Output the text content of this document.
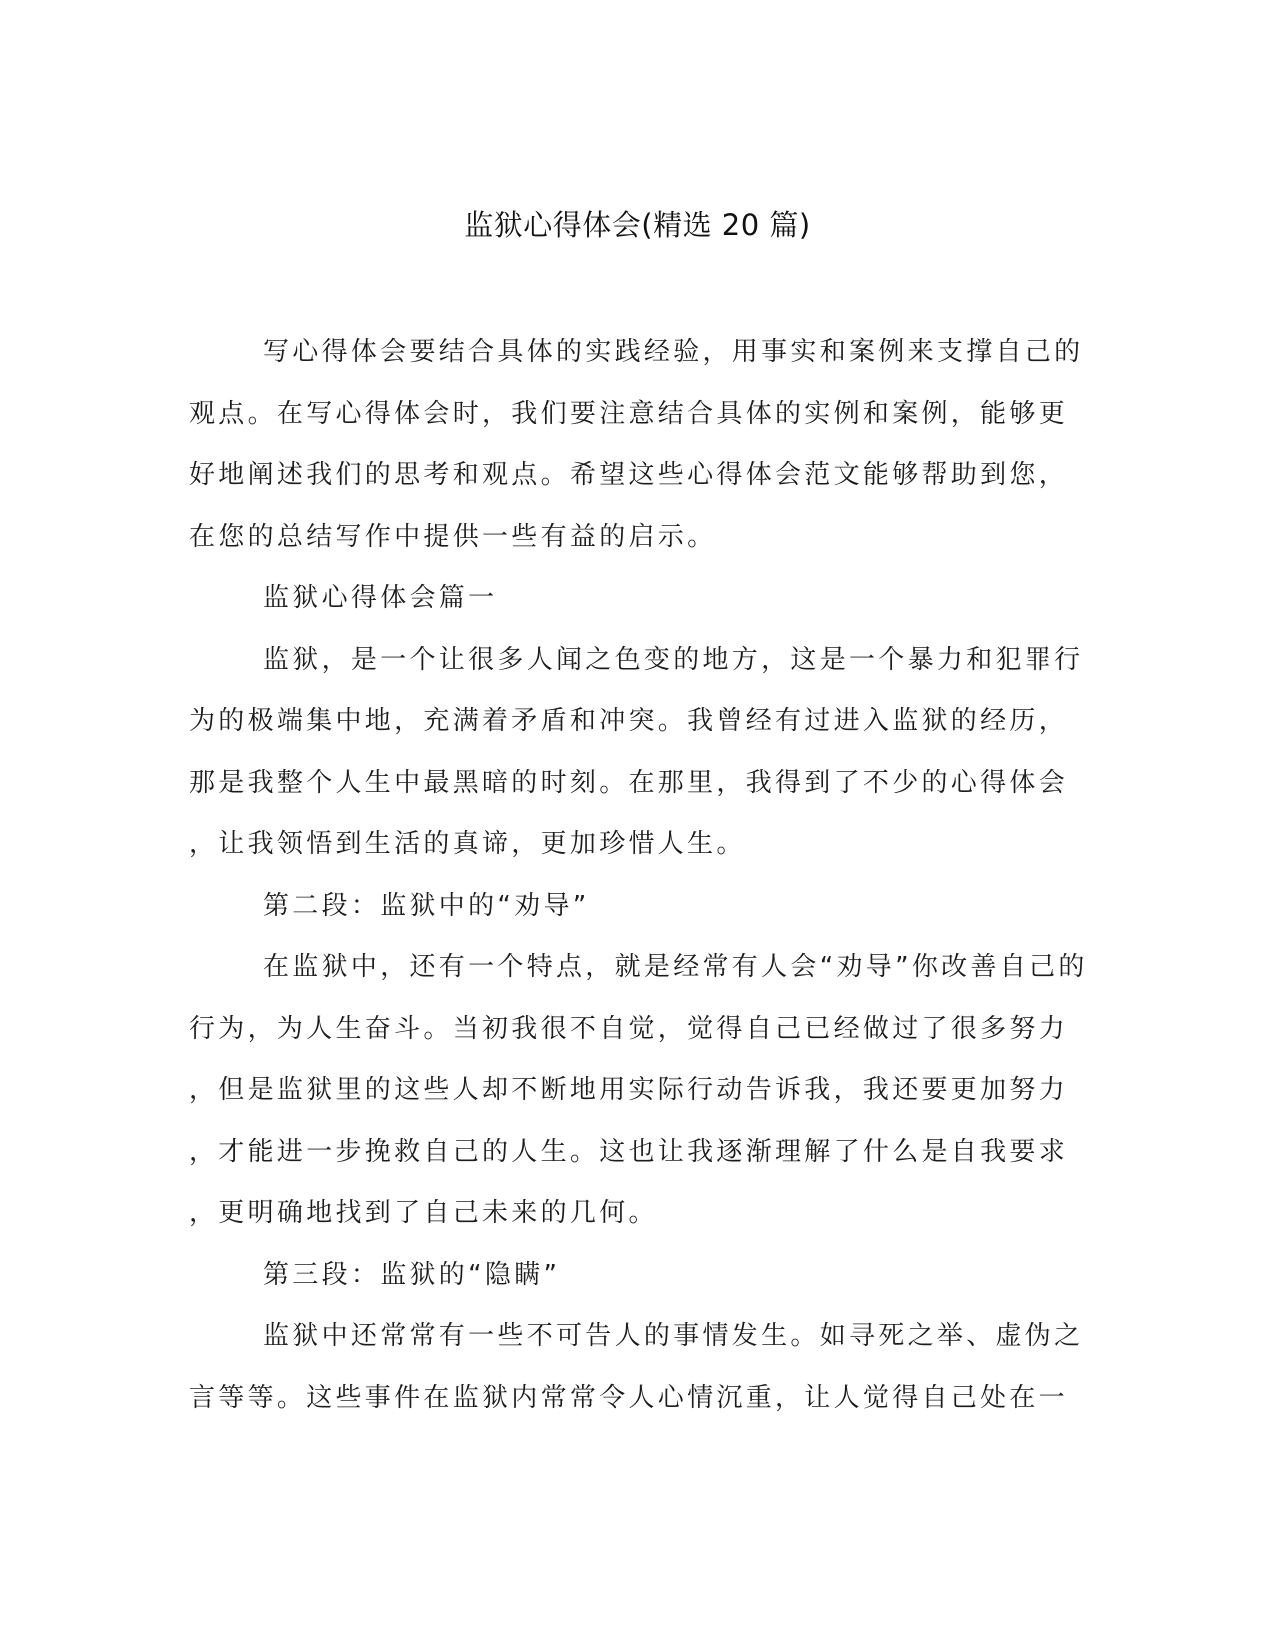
监狱心得体会(精选 20 篇)
写心得体会要结合具体的实践经验，用事实和案例来支撑自己的
观点。在写心得体会时，我们要注意结合具体的实例和案例，能够更
好地阐述我们的思考和观点。希望这些心得体会范文能够帮助到您，
在您的总结写作中提供一些有益的启示。
监狱心得体会篇一
监狱，是一个让很多人闻之色变的地方，这是一个暴力和犯罪行
为的极端集中地，充满着矛盾和冲突。我曾经有过进入监狱的经历，
那是我整个人生中最黑暗的时刻。在那里，我得到了不少的心得体会
，让我领悟到生活的真谛，更加珍惜人生。
第二段：监狱中的“劝导”
在监狱中，还有一个特点，就是经常有人会“劝导”你改善自己的
行为，为人生奋斗。当初我很不自觉，觉得自己已经做过了很多努力
，但是监狱里的这些人却不断地用实际行动告诉我，我还要更加努力
，才能进一步挽救自己的人生。这也让我逐渐理解了什么是自我要求
，更明确地找到了自己未来的几何。
第三段：监狱的“隐瞒”
监狱中还常常有一些不可告人的事情发生。如寻死之举、虚伪之
言等等。这些事件在监狱内常常令人心情沉重，让人觉得自己处在一
